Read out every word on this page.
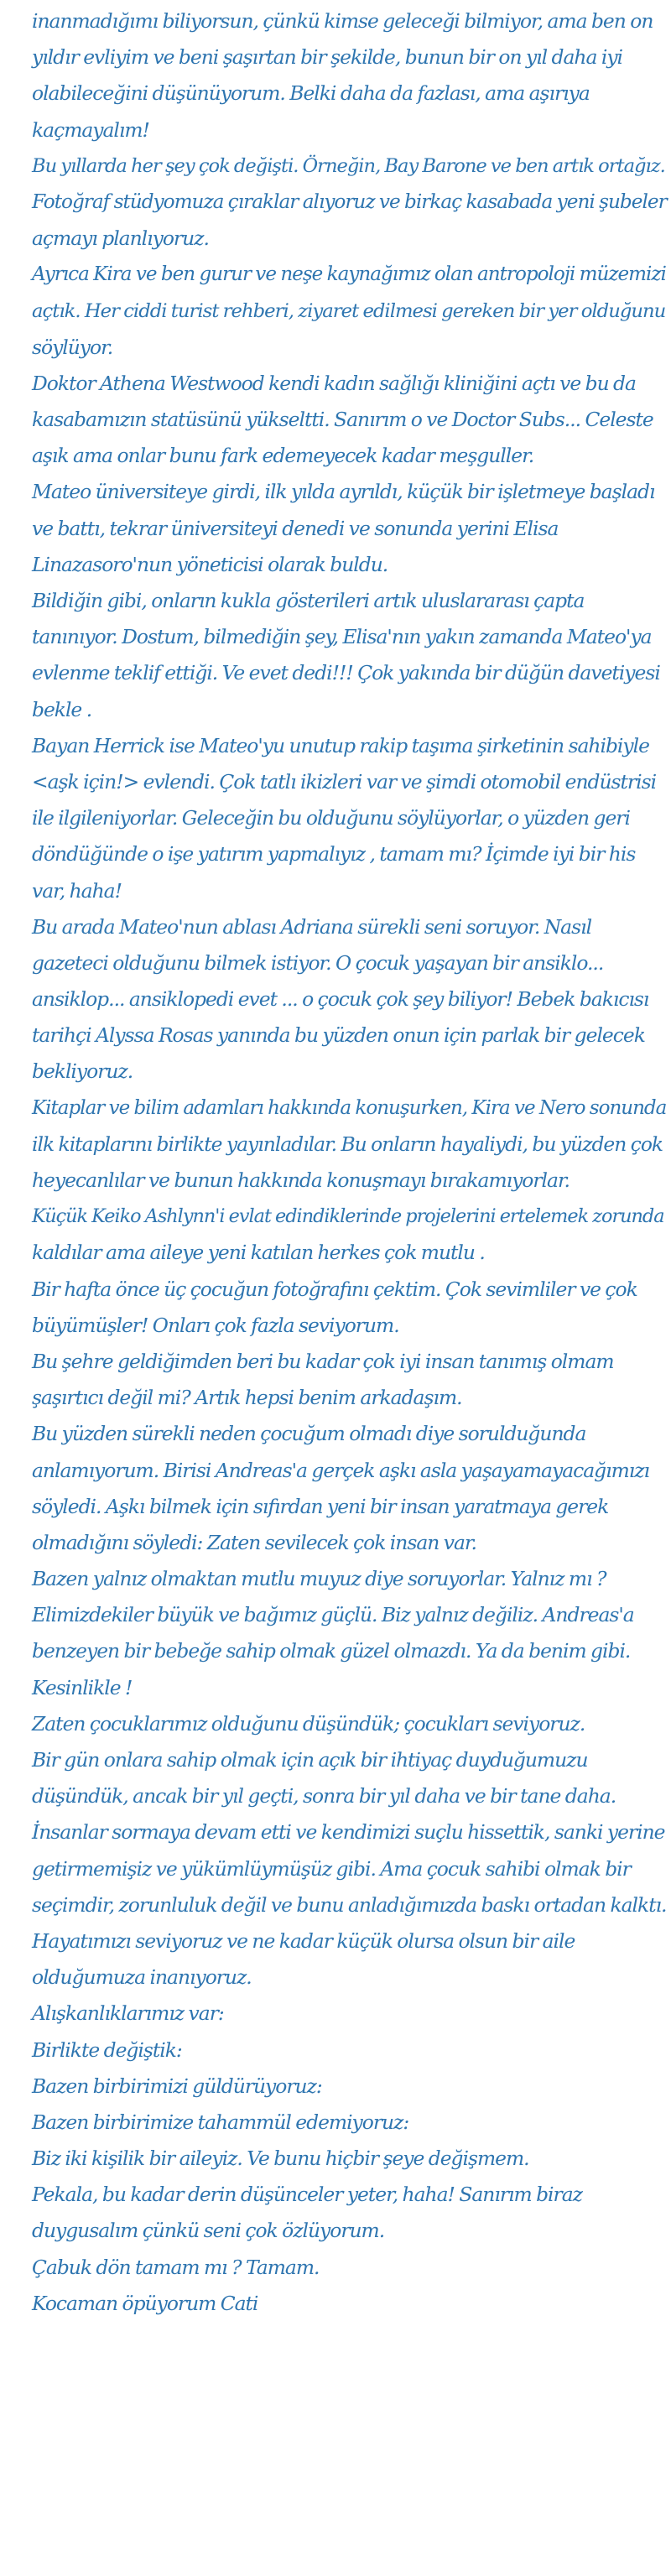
inanmadığımı biliyorsun, çünkü kimse geleceği bilmiyor, ama ben on
yıldır evliyim ve beni şaşırtan bir şekilde, bunun bir on yıl daha iyi
olabileceğini düşünüyorum. Belki daha da fazlası, ama aşırıya
kaçmayalım!
Bu yıllarda her şey çok değişti. Örneğin, Bay Barone ve ben artık ortağız.
Fotoğraf stüdyomuza çıraklar alıyoruz ve birkaç kasabada yeni şubeler
açmayı planlıyoruz.
Ayrıca Kira ve ben gurur ve neşe kaynağımız olan antropoloji müzemizi
açtık. Her ciddi turist rehberi, ziyaret edilmesi gereken bir yer olduğunu
söylüyor.
Doktor Athena Westwood kendi kadın sağlığı kliniğini açtı ve bu da
kasabamızın statüsünü yükseltti. Sanırım o ve Doctor Subs... Celeste
aşık ama onlar bunu fark edemeyecek kadar meşguller.
Mateo üniversiteye girdi, ilk yılda ayrıldı, küçük bir işletmeye başladı
ve battı, tekrar üniversiteyi denedi ve sonunda yerini Elisa
Linazasoro'nun yöneticisi olarak buldu.
Bildiğin gibi, onların kukla gösterileri artık uluslararası çapta
tanınıyor. Dostum, bilmediğin şey, Elisa'nın yakın zamanda Mateo'ya
evlenme teklif ettiği. Ve evet dedi!!! Çok yakında bir düğün davetiyesi
bekle .
Bayan Herrick ise Mateo'yu unutup rakip taşıma şirketinin sahibiyle
<aşk için!> evlendi. Çok tatlı ikizleri var ve şimdi otomobil endüstrisi
ile ilgileniyorlar. Geleceğin bu olduğunu söylüyorlar, o yüzden geri
döndüğünde o işe yatırım yapmalıyız , tamam mı? İçimde iyi bir his
var, haha!
Bu arada Mateo'nun ablası Adriana sürekli seni soruyor. Nasıl
gazeteci olduğunu bilmek istiyor. O çocuk yaşayan bir ansiklo...
ansiklop... ansiklopedi evet ... o çocuk çok şey biliyor! Bebek bakıcısı
tarihçi Alyssa Rosas yanında bu yüzden onun için parlak bir gelecek
bekliyoruz.
Kitaplar ve bilim adamları hakkında konuşurken, Kira ve Nero sonunda
ilk kitaplarını birlikte yayınladılar. Bu onların hayaliydi, bu yüzden çok
heyecanlılar ve bunun hakkında konuşmayı bırakamıyorlar.
Küçük Keiko Ashlynn'i evlat edindiklerinde projelerini ertelemek zorunda
kaldılar ama aileye yeni katılan herkes çok mutlu .
Bir hafta önce üç çocuğun fotoğrafını çektim. Çok sevimliler ve çok
büyümüşler! Onları çok fazla seviyorum.
Bu şehre geldiğimden beri bu kadar çok iyi insan tanımış olmam
şaşırtıcı değil mi? Artık hepsi benim arkadaşım.
Bu yüzden sürekli neden çocuğum olmadı diye sorulduğunda
anlamıyorum. Birisi Andreas'a gerçek aşkı asla yaşayamayacağımızı
söyledi. Aşkı bilmek için sıfırdan yeni bir insan yaratmaya gerek
olmadığını söyledi: Zaten sevilecek çok insan var.
Bazen yalnız olmaktan mutlu muyuz diye soruyorlar. Yalnız mı ?
Elimizdekiler büyük ve bağımız güçlü. Biz yalnız değiliz. Andreas'a
benzeyen bir bebeğe sahip olmak güzel olmazdı. Ya da benim gibi.
Kesinlikle !
Zaten çocuklarımız olduğunu düşündük; çocukları seviyoruz.
Bir gün onlara sahip olmak için açık bir ihtiyaç duyduğumuzu
düşündük, ancak bir yıl geçti, sonra bir yıl daha ve bir tane daha.
İnsanlar sormaya devam etti ve kendimizi suçlu hissettik, sanki yerine
getirmemişiz ve yükümlüymüşüz gibi. Ama çocuk sahibi olmak bir
seçimdir, zorunluluk değil ve bunu anladığımızda baskı ortadan kalktı.
Hayatımızı seviyoruz ve ne kadar küçük olursa olsun bir aile
olduğumuza inanıyoruz.
Alışkanlıklarımız var:
Birlikte değiştik:
Bazen birbirimizi güldürüyoruz:
Bazen birbirimize tahammül edemiyoruz:
Biz iki kişilik bir aileyiz. Ve bunu hiçbir şeye değişmem.
Pekala, bu kadar derin düşünceler yeter, haha! Sanırım biraz
duygusalım çünkü seni çok özlüyorum.
Çabuk dön tamam mı ? Tamam.
Kocaman öpüyorum Cati
